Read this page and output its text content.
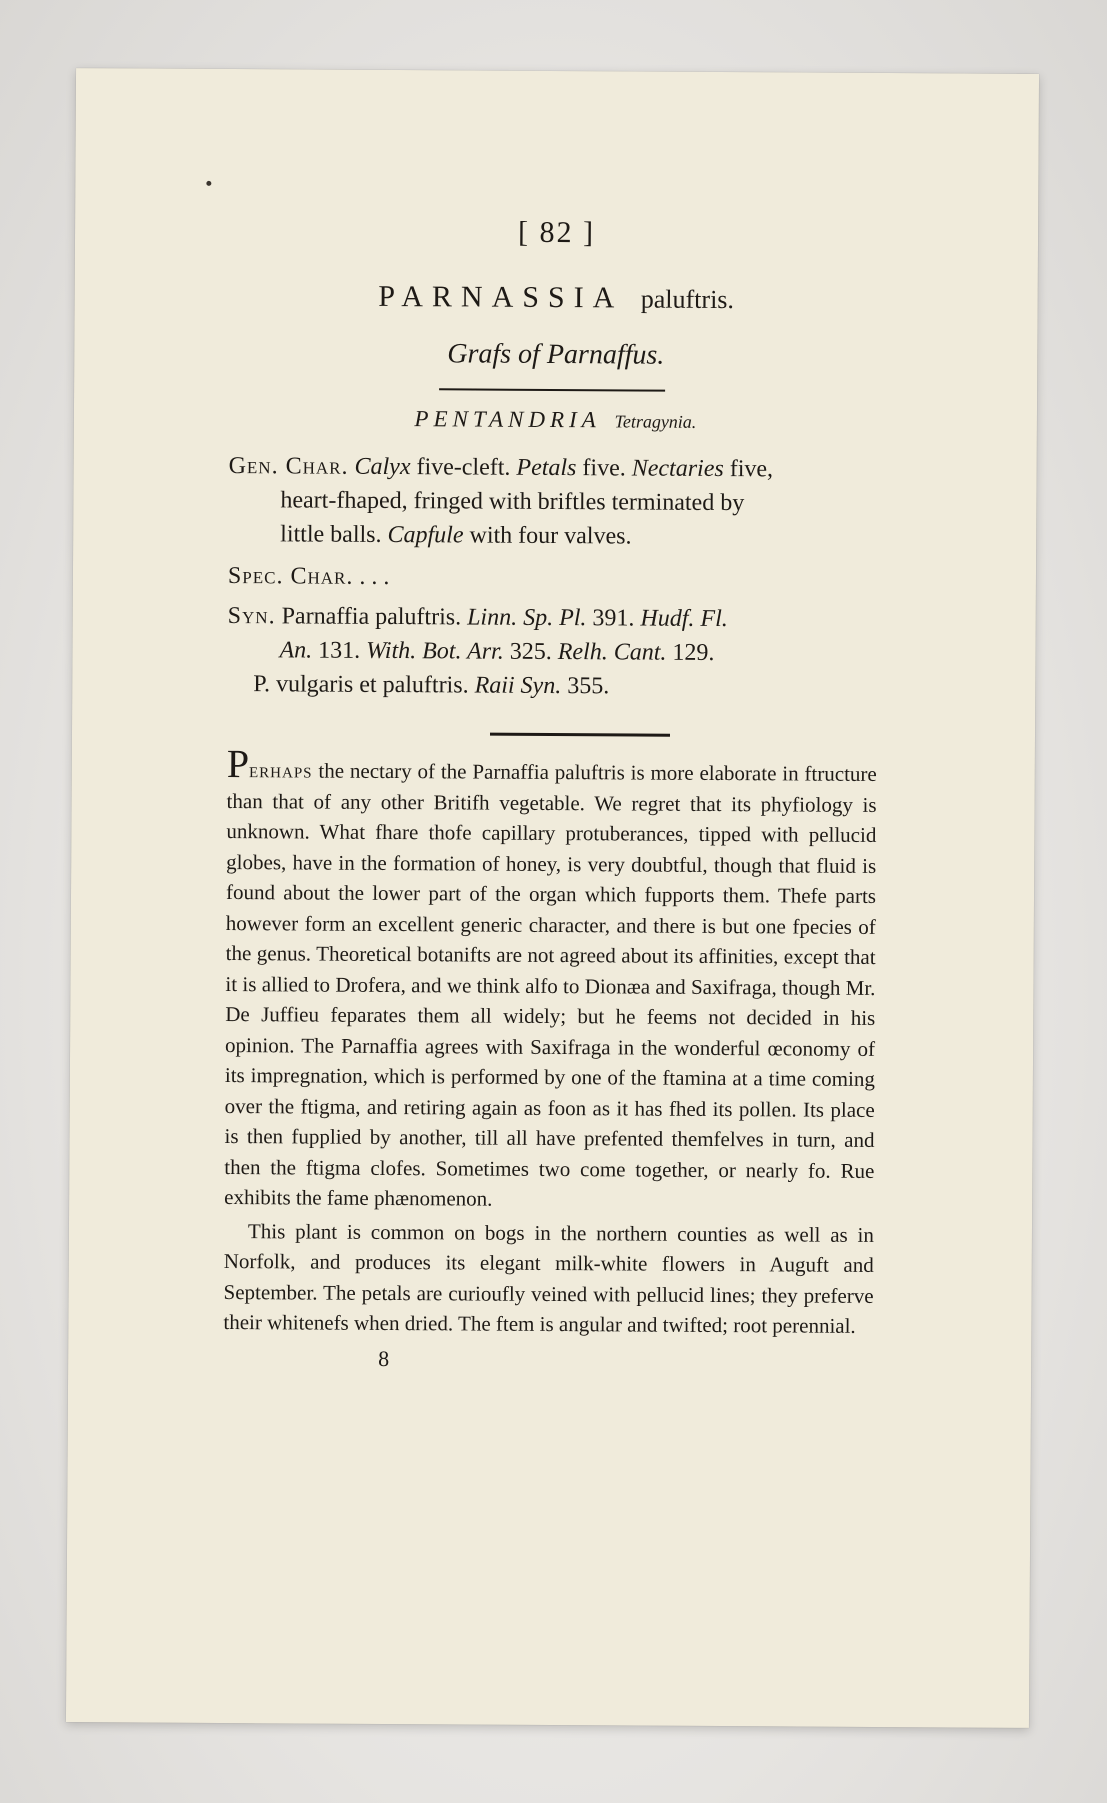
[ 82 ]
PARNASSIA paluftris.
Grafs of Parnaffus.
PENTANDRIA Tetragynia.
Gen. Char. Calyx five-cleft. Petals five. Nectaries five,
heart-fhaped, fringed with briftles terminated by
little balls. Capfule with four valves.
Spec. Char. . . .
Syn. Parnaffia paluftris. Linn. Sp. Pl. 391. Hudf. Fl.
An. 131. With. Bot. Arr. 325. Relh. Cant. 129.
P. vulgaris et paluftris. Raii Syn. 355.

Perhaps the nectary of the Parnaffia paluftris is more elaborate in ftructure than that of any other Britifh vegetable. We regret that its phyfiology is unknown. What fhare thofe capillary protuberances, tipped with pellucid globes, have in the formation of honey, is very doubtful, though that fluid is found about the lower part of the organ which fupports them. Thefe parts however form an excellent generic character, and there is but one fpecies of the genus. Theoretical botanifts are not agreed about its affinities, except that it is allied to Drofera, and we think alfo to Dionæa and Saxifraga, though Mr. De Juffieu feparates them all widely; but he feems not decided in his opinion. The Parnaffia agrees with Saxifraga in the wonderful œconomy of its impregnation, which is performed by one of the ftamina at a time coming over the ftigma, and retiring again as foon as it has fhed its pollen. Its place is then fupplied by another, till all have prefented themfelves in turn, and then the ftigma clofes. Sometimes two come together, or nearly fo. Rue exhibits the fame phænomenon.

This plant is common on bogs in the northern counties as well as in Norfolk, and produces its elegant milk-white flowers in Auguft and September. The petals are curioufly veined with pellucid lines; they preferve their whitenefs when dried. The ftem is angular and twifted; root perennial.

8
